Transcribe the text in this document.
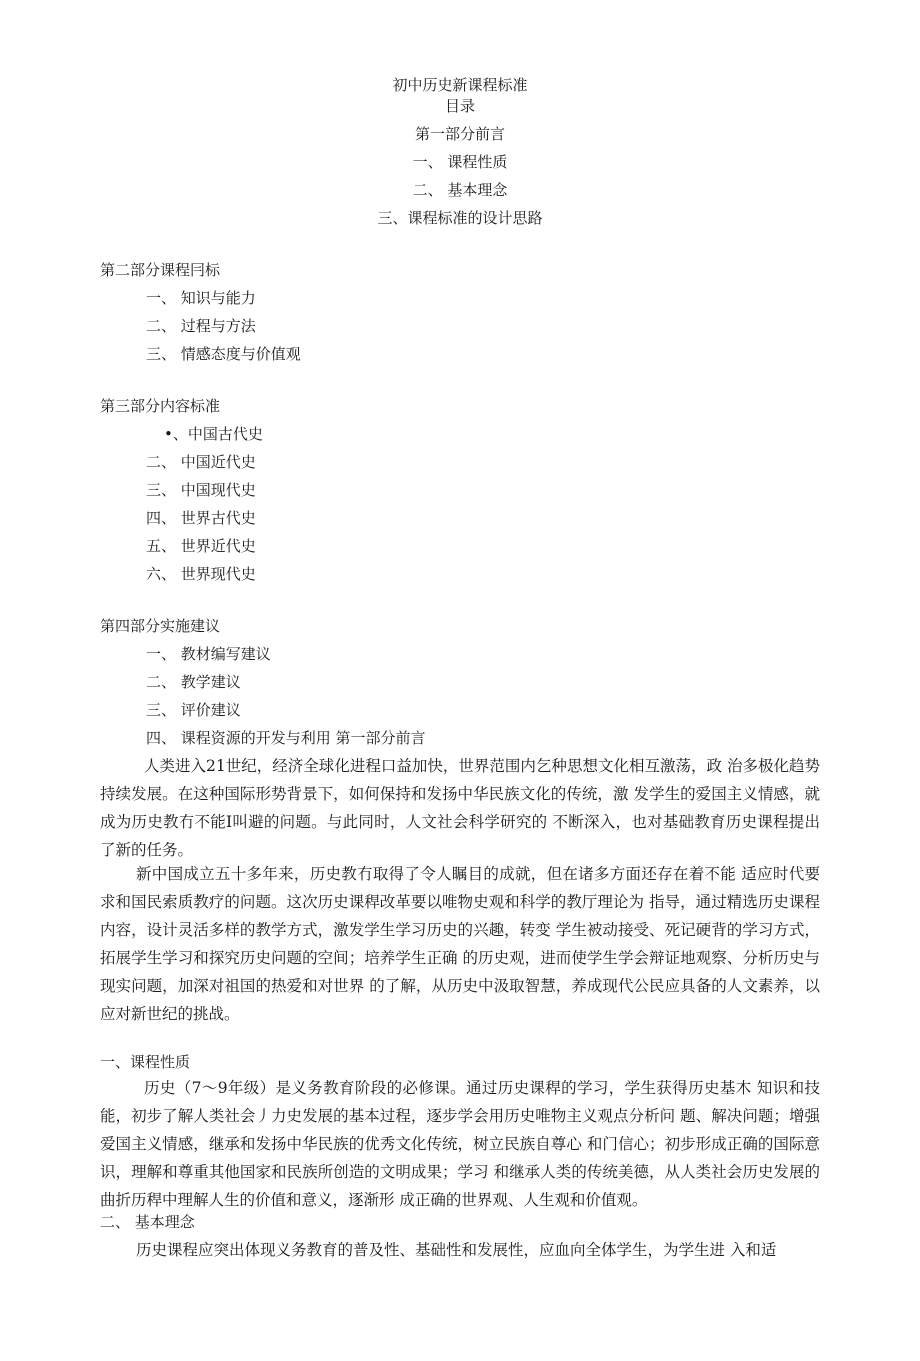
初中历史新课程标准
目录
第一部分前言
一、 课程性质
二、 基本理念
三、课程标准的设计思路
第二部分课程冃标
一、 知识与能力
二、 过程与方法
三、 情感态度与价值观
第三部分内容标准
•、中国古代史
二、 中国近代史
三、 中国现代史
四、 世界古代史
五、 世界近代史
六、 世界现代史
第四部分实施建议
一、 教材编写建议
二、 教学建议
三、 评价建议
四、 课程资源的开发与利用 第一部分前言
人类进入21世纪，经济全球化进程口益加快，世界范围内乞种思想文化相互激荡，政 治多极化趋势持续发展。在这种国际形势背景下，如何保持和发扬中华民族文化的传统，激 发学生的爱国主义情感，就成为历史教冇不能Ⅰ叫避的问题。与此同时，人文社会科学研究的 不断深入，也对基础教育历史课程提出了新的任务。
新中国成立五十多年来，历史教冇取得了令人瞩目的成就，但在诸多方面还存在着不能 适应时代要求和国民索质教疗的问题。这次历史课稈改革要以唯物史观和科学的教厅理论为 指导，通过精选历史课程内容，设计灵活多样的教学方式，激发学生学习历史的兴趣，转变 学生被动接受、死记硬背的学习方式，拓展学生学习和探究历史问题的空间；培养学生正确 的历史观，进而使学生学会辩证地观察、分析历史与现实问题，加深对祖国的热爱和对世界 的了解，从历史中汲取智慧，养成现代公民应具备的人文素养，以应对新世纪的挑战。
一、课程性质
历史（7～9年级）是义务教育阶段的必修课。通过历史课稈的学习，学生获得历史基木 知识和技能，初步了解人类社会丿力史发展的基本过程，逐步学会用历史唯物主义观点分析问 题、解决问题；增强爱国主义情感，继承和发扬中华民族的优秀文化传统，树立民族自尊心 和门信心；初步形成正确的国际意识，理解和尊重其他国家和民族所创造的文明成果；学习 和继承人类的传统美德，从人类社会历史发展的曲折历稈中理解人生的价值和意义，逐渐形 成正确的世界观、人生观和价值观。
二、 基本理念
历史课程应突出体现义务教育的普及性、基础性和发展性，应血向全体学生，为学生进 入和适
